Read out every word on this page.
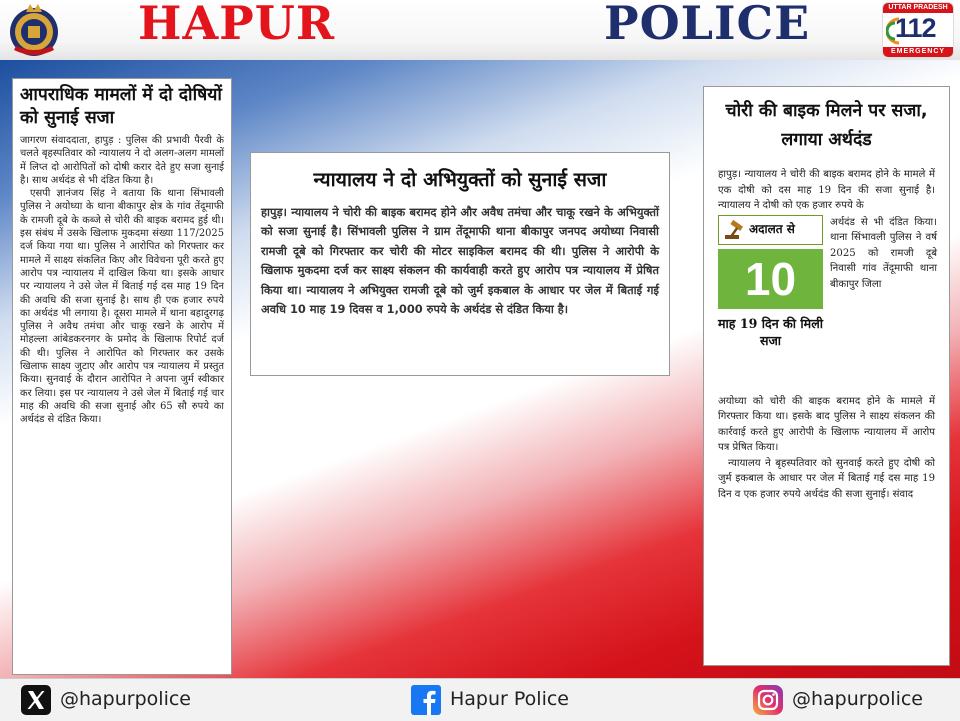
HAPUR	POLICE	UTTAR PRADESH
112
EMERGENCY
आपराधिक मामलों में दो दोषियों को सुनाई सजा

जागरण संवाददाता, हापुड़ : पुलिस की प्रभावी पैरवी के चलते बृहस्पतिवार को न्यायालय ने दो अलग-अलग मामलों में लिप्त दो आरोपितों को दोषी करार देते हुए सजा सुनाई है। साथ अर्थदंड से भी दंडित किया है।

एसपी ज्ञानंजय सिंह ने बताया कि थाना सिंभावली पुलिस ने अयोध्या के थाना बीकापुर क्षेत्र के गांव तेंदूमाफी के रामजी दूबे के कब्जे से चोरी की बाइक बरामद हुई थी। इस संबंध में उसके खिलाफ मुकदमा संख्या 117/2025 दर्ज किया गया था। पुलिस ने आरोपित को गिरफ्तार कर मामले में साक्ष्य संकलित किए और विवेचना पूरी करते हुए आरोप पत्र न्यायालय में दाखिल किया था। इसके आधार पर न्यायालय ने उसे जेल में बिताई गई दस माह 19 दिन की अवधि की सजा सुनाई है। साथ ही एक हजार रुपये का अर्थदंड भी लगाया है। दूसरा मामले में थाना बहादुरगढ़ पुलिस ने अवैध तमंचा और चाकू रखने के आरोप में मोहल्ला आंबेडकरनगर के प्रमोद के खिलाफ रिपोर्ट दर्ज की थी। पुलिस ने आरोपित को गिरफ्तार कर उसके खिलाफ साक्ष्य जुटाए और आरोप पत्र न्यायालय में प्रस्तुत किया। सुनवाई के दौरान आरोपित ने अपना जुर्म स्वीकार कर लिया। इस पर न्यायालय ने उसे जेल में बिताई गई चार माह की अवधि की सजा सुनाई और 65 सौ रुपये का अर्थदंड से दंडित किया।

न्यायालय ने दो अभियुक्तों को सुनाई सजा

हापुड़। न्यायालय ने चोरी की बाइक बरामद होने और अवैध तमंचा और चाकू रखने के अभियुक्तों को सजा सुनाई है। सिंभावली पुलिस ने ग्राम तेंदूमाफी थाना बीकापुर जनपद अयोध्या निवासी रामजी दूबे को गिरफ्तार कर चोरी की मोटर साइकिल बरामद की थी। पुलिस ने आरोपी के खिलाफ मुकदमा दर्ज कर साक्ष्य संकलन की कार्यवाही करते हुए आरोप पत्र न्यायालय में प्रेषित किया था। न्यायालय ने अभियुक्त रामजी दूबे को जुर्म इकबाल के आधार पर जेल में बिताई गई अवधि 10 माह 19 दिवस व 1,000 रुपये के अर्थदंड से दंडित किया है।

चोरी की बाइक मिलने पर सजा, लगाया अर्थदंड

हापुड़। न्यायालय ने चोरी की बाइक बरामद होने के मामले में एक दोषी को दस माह 19 दिन की सजा सुनाई है। न्यायालय ने दोषी को एक हजार रुपये के

अदालत से
10
माह 19 दिन की मिली सजा
अर्थदंड से भी दंडित किया। थाना सिंभावली पुलिस ने वर्ष 2025 को रामजी दूबे निवासी गांव तेंदूमाफी थाना बीकापुर जिला

अयोध्या को चोरी की बाइक बरामद होने के मामले में गिरफ्तार किया था। इसके बाद पुलिस ने साक्ष्य संकलन की कार्रवाई करते हुए आरोपी के खिलाफ न्यायालय में आरोप पत्र प्रेषित किया।

न्यायालय ने बृहस्पतिवार को सुनवाई करते हुए दोषी को जुर्म इकबाल के आधार पर जेल में बिताई गई दस माह 19 दिन व एक हजार रुपये अर्थदंड की सजा सुनाई। संवाद

@hapurpolice	Hapur Police	@hapurpolice
